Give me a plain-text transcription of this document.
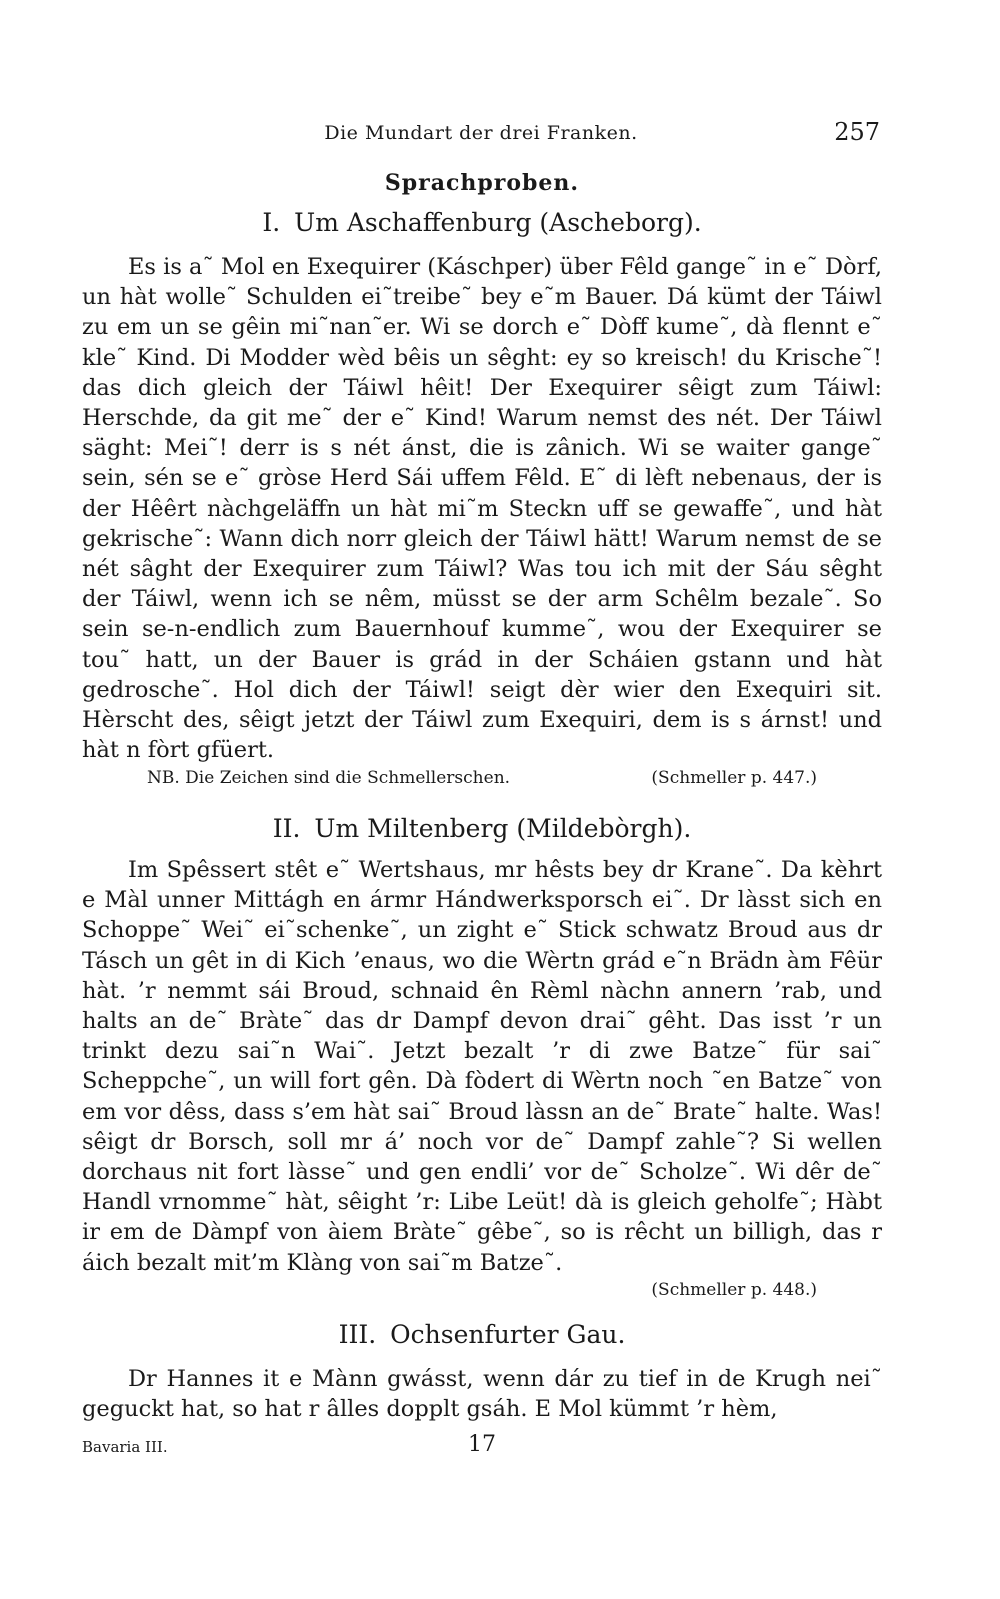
Die Mundart der drei Franken.	257
Sprachproben.
I. Um Aschaffenburg (Ascheborg).
Es is a˜ Mol en Exequirer (Káschper) über Fêld gange˜ in e˜ Dòrf, un hàt wolle˜ Schulden ei˜treibe˜ bey e˜m Bauer. Dá kümt der Táiwl zu em un se gêin mi˜nan˜er. Wi se dorch e˜ Dòff kume˜, dà flennt e˜ kle˜ Kind. Di Modder wèd bêis un sêght: ey so kreisch! du Krische˜! das dich gleich der Táiwl hêit! Der Exequirer sêigt zum Táiwl: Herschde, da git me˜ der e˜ Kind! Warum nemst des nét. Der Táiwl säght: Mei˜! derr is s nét ánst, die is zânich. Wi se waiter gange˜ sein, sén se e˜ gròse Herd Sái uffem Fêld. E˜ di lèft nebenaus, der is der Hêêrt nàchgeläffn un hàt mi˜m Steckn uff se gewaffe˜, und hàt gekrische˜: Wann dich norr gleich der Táiwl hätt! Warum nemst de se nét sâght der Exequirer zum Táiwl? Was tou ich mit der Sáu sêght der Táiwl, wenn ich se nêm, müsst se der arm Schêlm bezale˜. So sein se-n-endlich zum Bauernhouf kumme˜, wou der Exequirer se tou˜ hatt, un der Bauer is grád in der Scháien gstann und hàt gedrosche˜. Hol dich der Táiwl! seigt dèr wier den Exequiri sit. Hèrscht des, sêigt jetzt der Táiwl zum Exequiri, dem is s árnst! und hàt n fòrt gfüert.
NB. Die Zeichen sind die Schmellerschen.	(Schmeller p. 447.)
II. Um Miltenberg (Mildebòrgh).
Im Spêssert stêt e˜ Wertshaus, mr hêsts bey dr Krane˜. Da kèhrt e Màl unner Mittágh en ármr Hándwerksporsch ei˜. Dr làsst sich en Schoppe˜ Wei˜ ei˜schenke˜, un zight e˜ Stick schwatz Broud aus dr Tásch un gêt in di Kich ’enaus, wo die Wèrtn grád e˜n Brädn àm Fêür hàt. ’r nemmt sái Broud, schnaid ên Rèml nàchn annern ’rab, und halts an de˜ Bràte˜ das dr Dampf devon drai˜ gêht. Das isst ’r un trinkt dezu sai˜n Wai˜. Jetzt bezalt ’r di zwe Batze˜ für sai˜ Scheppche˜, un will fort gên. Dà fòdert di Wèrtn noch ˜en Batze˜ von em vor dêss, dass s’em hàt sai˜ Broud làssn an de˜ Brate˜ halte. Was! sêigt dr Borsch, soll mr á’ noch vor de˜ Dampf zahle˜? Si wellen dorchaus nit fort làsse˜ und gen endli’ vor de˜ Scholze˜. Wi dêr de˜ Handl vrnomme˜ hàt, sêight ’r: Libe Leüt! dà is gleich geholfe˜; Hàbt ir em de Dàmpf von àiem Bràte˜ gêbe˜, so is rêcht un billigh, das r áich bezalt mit’m Klàng von sai˜m Batze˜.
(Schmeller p. 448.)
III. Ochsenfurter Gau.
Dr Hannes it e Mànn gwásst, wenn dár zu tief in de Krugh nei˜ geguckt hat, so hat r âlles dopplt gsáh. E Mol kümmt ’r hèm,
Bavaria III.	17
